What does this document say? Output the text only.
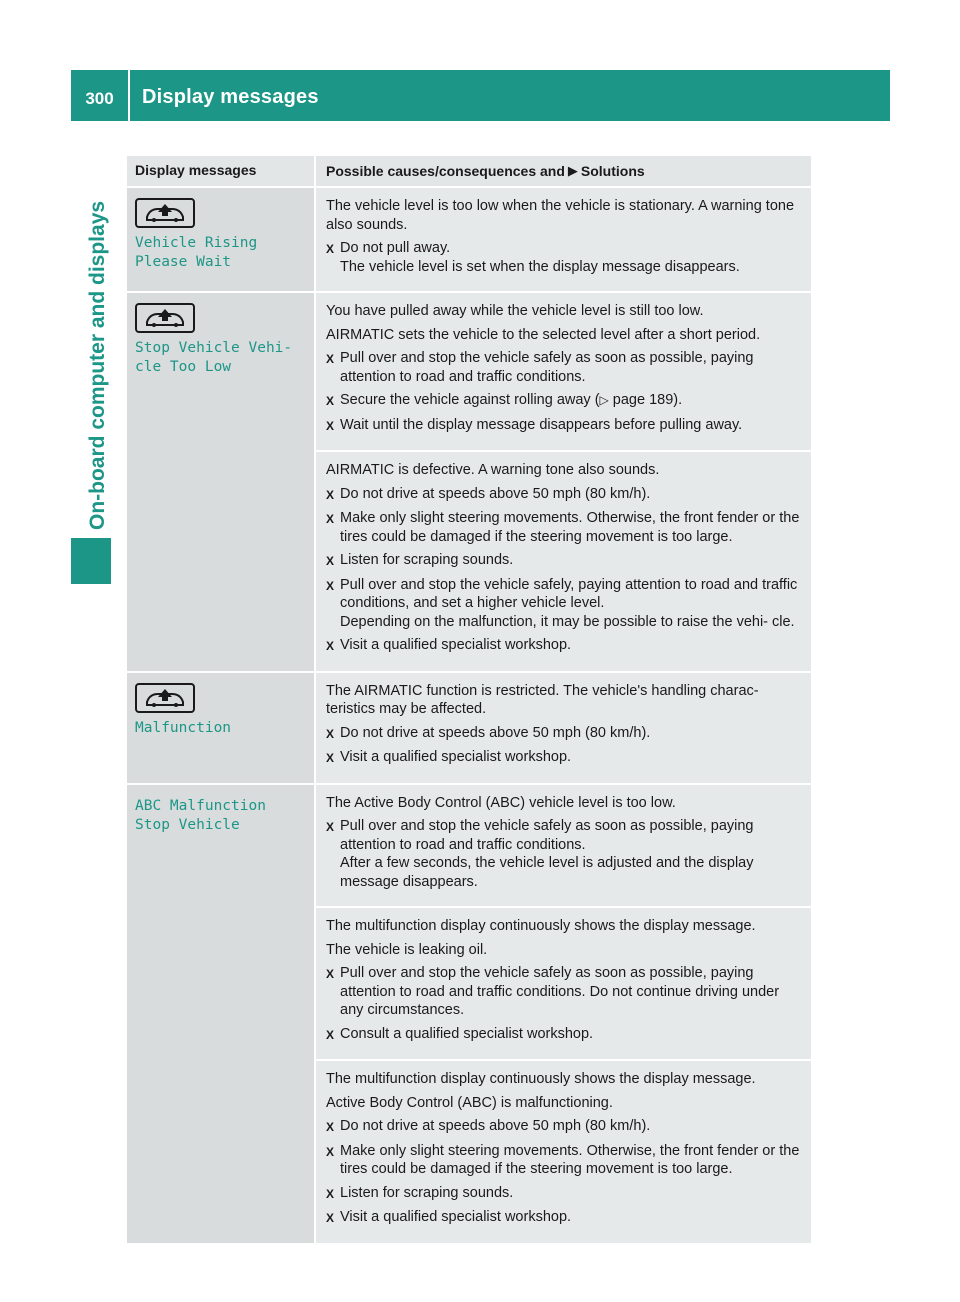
300	Display messages
On-board computer and displays
Display messages	Possible causes/consequences and ▶ Solutions
Vehicle Rising
Please Wait

The vehicle level is too low when the vehicle is stationary. A warning tone also sounds.

X Do not pull away.
The vehicle level is set when the display message disappears.
Stop Vehicle Vehi‐
cle Too Low

You have pulled away while the vehicle level is still too low.

AIRMATIC sets the vehicle to the selected level after a short period.

X Pull over and stop the vehicle safely as soon as possible, paying attention to road and traffic conditions.
X Secure the vehicle against rolling away (▷ page 189).
X Wait until the display message disappears before pulling away.

AIRMATIC is defective. A warning tone also sounds.

X Do not drive at speeds above 50 mph (80 km/h).
X Make only slight steering movements. Otherwise, the front fender or the tires could be damaged if the steering movement is too large.
X Listen for scraping sounds.
X Pull over and stop the vehicle safely, paying attention to road and traffic conditions, and set a higher vehicle level.
Depending on the malfunction, it may be possible to raise the vehi‐ cle.
X Visit a qualified specialist workshop.
Malfunction

The AIRMATIC function is restricted. The vehicle's handling charac‐ teristics may be affected.

X Do not drive at speeds above 50 mph (80 km/h).
X Visit a qualified specialist workshop.
ABC Malfunction
Stop Vehicle

The Active Body Control (ABC) vehicle level is too low.

X Pull over and stop the vehicle safely as soon as possible, paying attention to road and traffic conditions.
After a few seconds, the vehicle level is adjusted and the display message disappears.

The multifunction display continuously shows the display message.

The vehicle is leaking oil.

X Pull over and stop the vehicle safely as soon as possible, paying attention to road and traffic conditions. Do not continue driving under any circumstances.
X Consult a qualified specialist workshop.

The multifunction display continuously shows the display message.

Active Body Control (ABC) is malfunctioning.

X Do not drive at speeds above 50 mph (80 km/h).
X Make only slight steering movements. Otherwise, the front fender or the tires could be damaged if the steering movement is too large.
X Listen for scraping sounds.
X Visit a qualified specialist workshop.
